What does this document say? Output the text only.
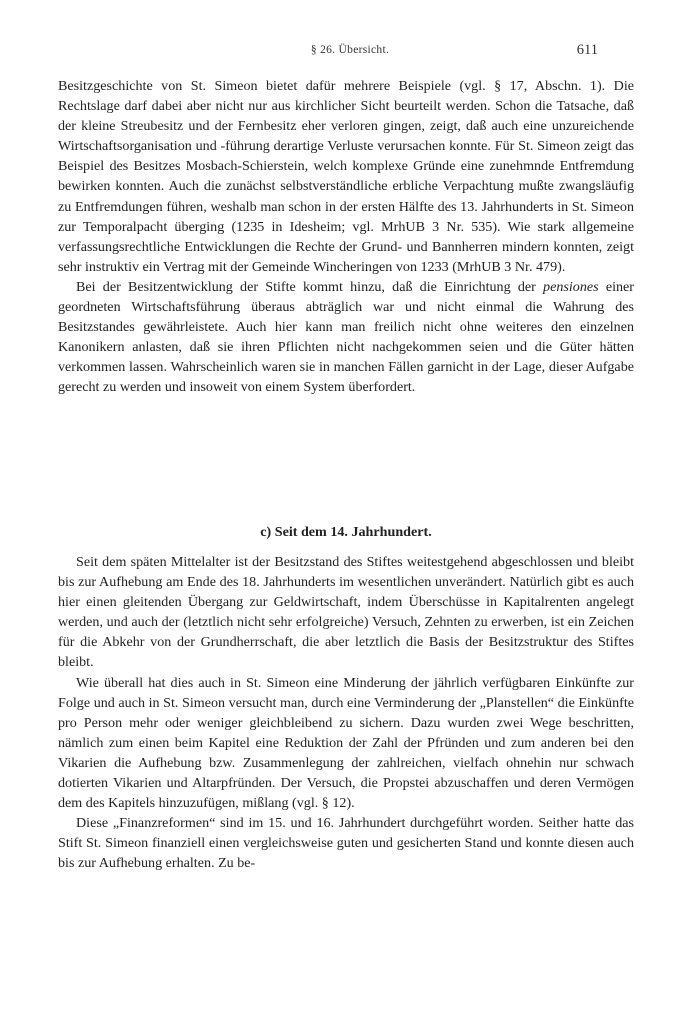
§ 26. Übersicht.	611

Besitzgeschichte von St. Simeon bietet dafür mehrere Beispiele (vgl. § 17, Abschn. 1). Die Rechtslage darf dabei aber nicht nur aus kirchlicher Sicht beurteilt werden. Schon die Tatsache, daß der kleine Streubesitz und der Fernbesitz eher verloren gingen, zeigt, daß auch eine unzureichende Wirtschaftsorganisation und -führung derartige Verluste verursachen konnte. Für St. Simeon zeigt das Beispiel des Besitzes Mosbach-Schierstein, welch komplexe Gründe eine zunehmnde Entfremdung bewirken konnten. Auch die zunächst selbstverständliche erbliche Verpachtung mußte zwangsläufig zu Entfremdungen führen, weshalb man schon in der ersten Hälfte des 13. Jahrhunderts in St. Simeon zur Temporalpacht überging (1235 in Idesheim; vgl. MrhUB 3 Nr. 535). Wie stark allgemeine verfassungsrechtliche Entwicklungen die Rechte der Grund- und Bannherren mindern konnten, zeigt sehr instruktiv ein Vertrag mit der Gemeinde Wincheringen von 1233 (MrhUB 3 Nr. 479).

Bei der Besitzentwicklung der Stifte kommt hinzu, daß die Einrichtung der pensiones einer geordneten Wirtschaftsführung überaus abträglich war und nicht einmal die Wahrung des Besitzstandes gewährleistete. Auch hier kann man freilich nicht ohne weiteres den einzelnen Kanonikern anlasten, daß sie ihren Pflichten nicht nachgekommen seien und die Güter hätten verkommen lassen. Wahrscheinlich waren sie in manchen Fällen garnicht in der Lage, dieser Aufgabe gerecht zu werden und insoweit von einem System überfordert.

c) Seit dem 14. Jahrhundert.

Seit dem späten Mittelalter ist der Besitzstand des Stiftes weitestgehend abgeschlossen und bleibt bis zur Aufhebung am Ende des 18. Jahrhunderts im wesentlichen unverändert. Natürlich gibt es auch hier einen gleitenden Übergang zur Geldwirtschaft, indem Überschüsse in Kapitalrenten angelegt werden, und auch der (letztlich nicht sehr erfolgreiche) Versuch, Zehnten zu erwerben, ist ein Zeichen für die Abkehr von der Grundherrschaft, die aber letztlich die Basis der Besitzstruktur des Stiftes bleibt.

Wie überall hat dies auch in St. Simeon eine Minderung der jährlich verfügbaren Einkünfte zur Folge und auch in St. Simeon versucht man, durch eine Verminderung der „Planstellen“ die Einkünfte pro Person mehr oder weniger gleichbleibend zu sichern. Dazu wurden zwei Wege beschritten, nämlich zum einen beim Kapitel eine Reduktion der Zahl der Pfründen und zum anderen bei den Vikarien die Aufhebung bzw. Zusammenlegung der zahlreichen, vielfach ohnehin nur schwach dotierten Vikarien und Altarpfründen. Der Versuch, die Propstei abzuschaffen und deren Vermögen dem des Kapitels hinzuzufügen, mißlang (vgl. § 12).

Diese „Finanzreformen“ sind im 15. und 16. Jahrhundert durchgeführt worden. Seither hatte das Stift St. Simeon finanziell einen vergleichsweise guten und gesicherten Stand und konnte diesen auch bis zur Aufhebung erhalten. Zu be-
